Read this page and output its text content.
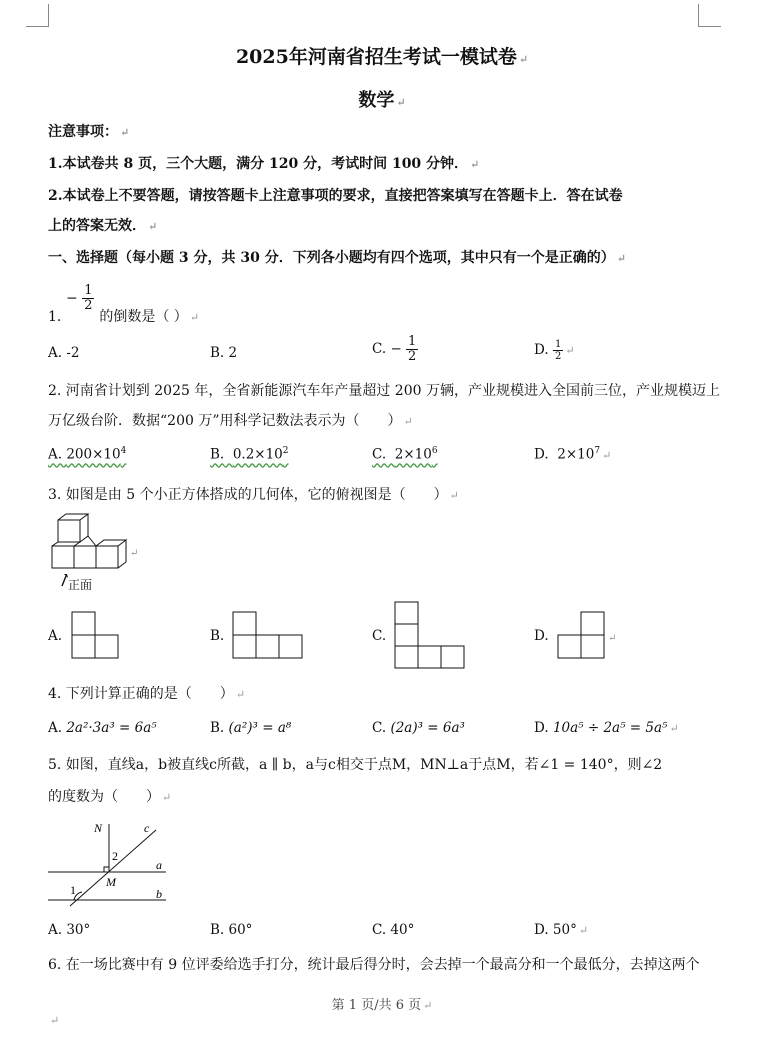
2025年河南省招生考试一模试卷 ↵
数学 ↵
注意事项： ↵
1.本试卷共 8 页，三个大题，满分 120 分，考试时间 100 分钟． ↵
2.本试卷上不要答题，请按答题卡上注意事项的要求，直接把答案填写在答题卡上．答在试卷
上的答案无效． ↵
一、选择题（每小题 3 分，共 30 分．下列各小题均有四个选项，其中只有一个是正确的） ↵
− $\frac{1}{2}$
1.	的倒数是（ ） ↵
A. -2	B. 2	C. − $\frac{1}{2}$	D. $\frac{1}{2}$ ↵
2. 河南省计划到 2025 年，全省新能源汽车年产量超过 200 万辆，产业规模进入全国前三位，产业规模迈上
万亿级台阶．数据“200 万”用科学记数法表示为（　　） ↵
A. $200\times 10^4$	B. $0.2\times 10^2$	C. $2\times 10^6$	D. $2\times 10^7$ ↵
3. 如图是由 5 个小正方体搭成的几何体，它的俯视图是（　　） ↵
↵
正面
A.	B.	C.	D.	↵
4. 下列计算正确的是（　　） ↵
A. 2a²·3a³ = 6a⁵	B. (a²)³ = a⁸	C. (2a)³ = 6a³	D. 10a⁵ ÷ 2a⁵ = 5a⁵ ↵
5. 如图，直线a，b被直线c所截，a ∥ b，a与c相交于点M，MN⊥a于点M，若∠1 = 140°，则∠2
的度数为（　　） ↵
N	c
2
a
M
1	b
A. 30°	B. 60°	C. 40°	D. 50° ↵
6. 在一场比赛中有 9 位评委给选手打分，统计最后得分时，会去掉一个最高分和一个最低分，去掉这两个
第 1 页/共 6 页 ↵
↵
